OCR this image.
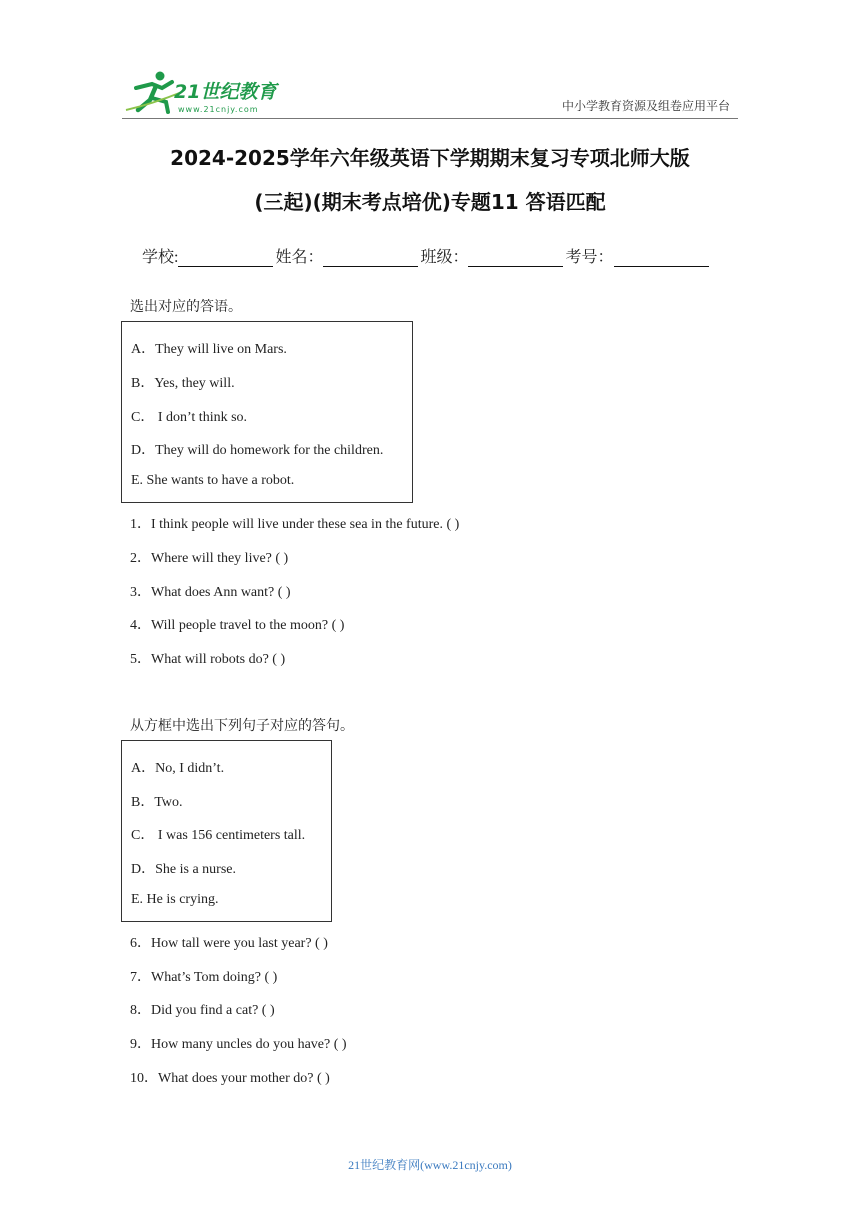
21世纪教育
www.21cnjy.com	中小学教育资源及组卷应用平台
2024-2025学年六年级英语下学期期末复习专项北师大版
(三起)(期末考点培优)专题11 答语匹配
学校:	姓名：	班级：	考号：
选出对应的答语。
A．They will live on Mars.
B．Yes, they will.
C． I don’t think so.
D．They will do homework for the children.
E. She wants to have a robot.
1．I think people will live under these sea in the future. ( )
2．Where will they live? ( )
3．What does Ann want? ( )
4．Will people travel to the moon? ( )
5．What will robots do? ( )
从方框中选出下列句子对应的答句。
A．No, I didn’t.
B．Two.
C． I was 156 centimeters tall.
D．She is a nurse.
E. He is crying.
6．How tall were you last year? ( )
7．What’s Tom doing? ( )
8．Did you find a cat? ( )
9．How many uncles do you have? ( )
10．What does your mother do? ( )
21世纪教育网(www.21cnjy.com)
